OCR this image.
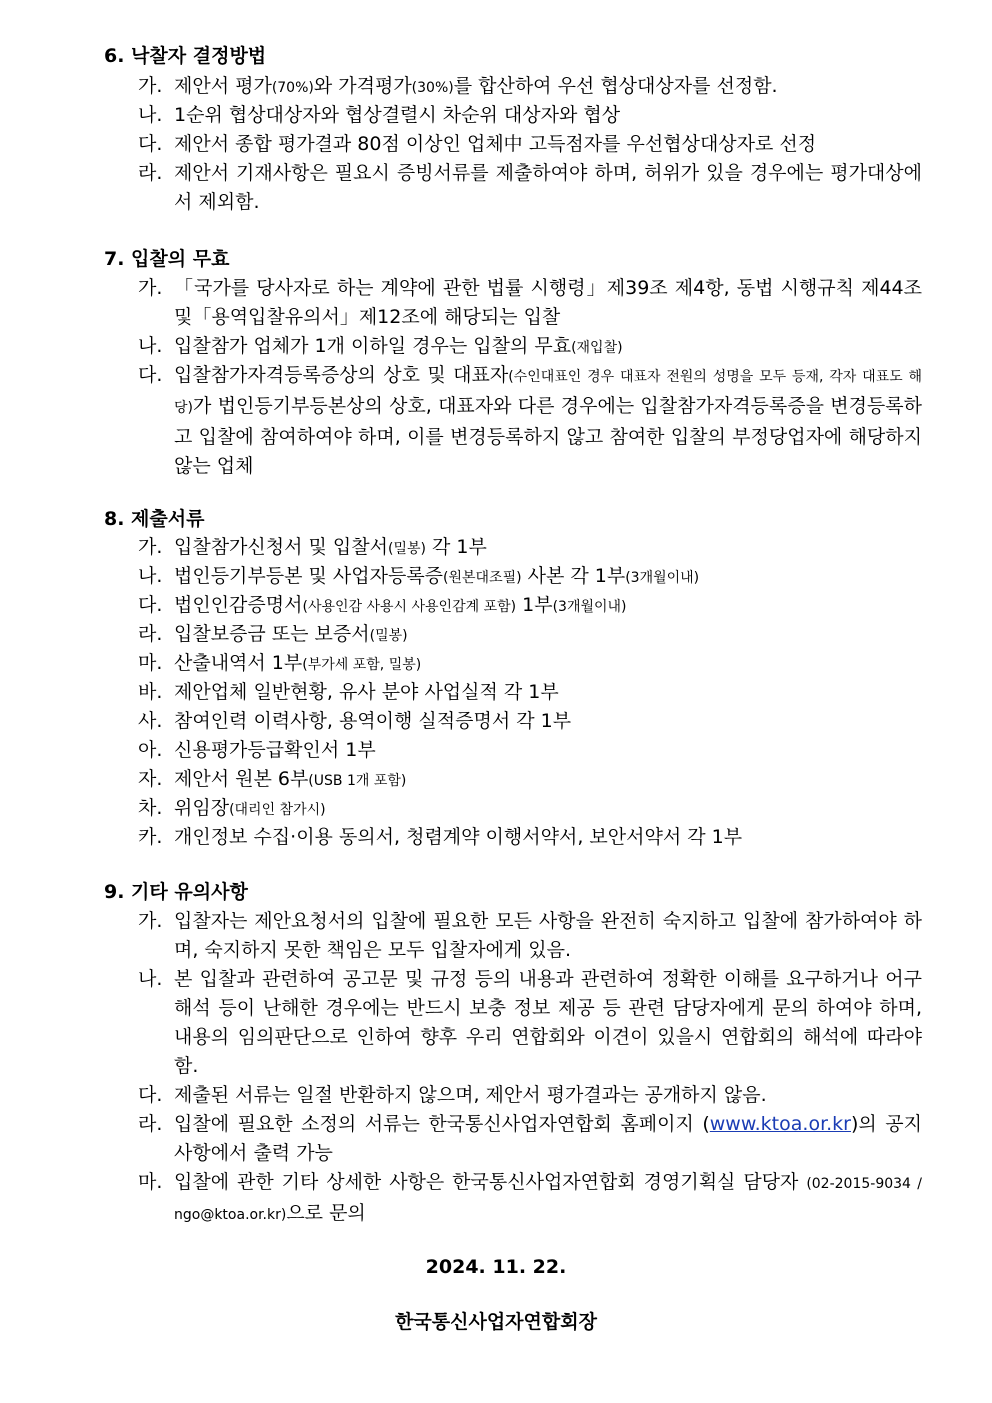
6. 낙찰자 결정방법
가. 제안서 평가(70%)와 가격평가(30%)를 합산하여 우선 협상대상자를 선정함.
나. 1순위 협상대상자와 협상결렬시 차순위 대상자와 협상
다. 제안서 종합 평가결과 80점 이상인 업체中 고득점자를 우선협상대상자로 선정
라. 제안서 기재사항은 필요시 증빙서류를 제출하여야 하며, 허위가 있을 경우에는 평가대상에서 제외함.
7. 입찰의 무효
가. 「국가를 당사자로 하는 계약에 관한 법률 시행령」제39조 제4항, 동법 시행규칙 제44조 및「용역입찰유의서」제12조에 해당되는 입찰
나. 입찰참가 업체가 1개 이하일 경우는 입찰의 무효(재입찰)
다. 입찰참가자격등록증상의 상호 및 대표자(수인대표인 경우 대표자 전원의 성명을 모두 등재, 각자 대표도 해당)가 법인등기부등본상의 상호, 대표자와 다른 경우에는 입찰참가자격등록증을 변경등록하고 입찰에 참여하여야 하며, 이를 변경등록하지 않고 참여한 입찰의 부정당업자에 해당하지 않는 업체
8. 제출서류
가. 입찰참가신청서 및 입찰서(밀봉) 각 1부
나. 법인등기부등본 및 사업자등록증(원본대조필) 사본 각 1부(3개월이내)
다. 법인인감증명서(사용인감 사용시 사용인감계 포함) 1부(3개월이내)
라. 입찰보증금 또는 보증서(밀봉)
마. 산출내역서 1부(부가세 포함, 밀봉)
바. 제안업체 일반현황, 유사 분야 사업실적 각 1부
사. 참여인력 이력사항, 용역이행 실적증명서 각 1부
아. 신용평가등급확인서 1부
자. 제안서 원본 6부(USB 1개 포함)
차. 위임장(대리인 참가시)
카. 개인정보 수집·이용 동의서, 청렴계약 이행서약서, 보안서약서 각 1부
9. 기타 유의사항
가. 입찰자는 제안요청서의 입찰에 필요한 모든 사항을 완전히 숙지하고 입찰에 참가하여야 하며, 숙지하지 못한 책임은 모두 입찰자에게 있음.
나. 본 입찰과 관련하여 공고문 및 규정 등의 내용과 관련하여 정확한 이해를 요구하거나 어구해석 등이 난해한 경우에는 반드시 보충 정보 제공 등 관련 담당자에게 문의 하여야 하며, 내용의 임의판단으로 인하여 향후 우리 연합회와 이견이 있을시 연합회의 해석에 따라야 함.
다. 제출된 서류는 일절 반환하지 않으며, 제안서 평가결과는 공개하지 않음.
라. 입찰에 필요한 소정의 서류는 한국통신사업자연합회 홈페이지 (www.ktoa.or.kr)의 공지사항에서 출력 가능
마. 입찰에 관한 기타 상세한 사항은 한국통신사업자연합회 경영기획실 담당자 (02-2015-9034 / ngo@ktoa.or.kr)으로 문의
2024. 11. 22.
한국통신사업자연합회장
